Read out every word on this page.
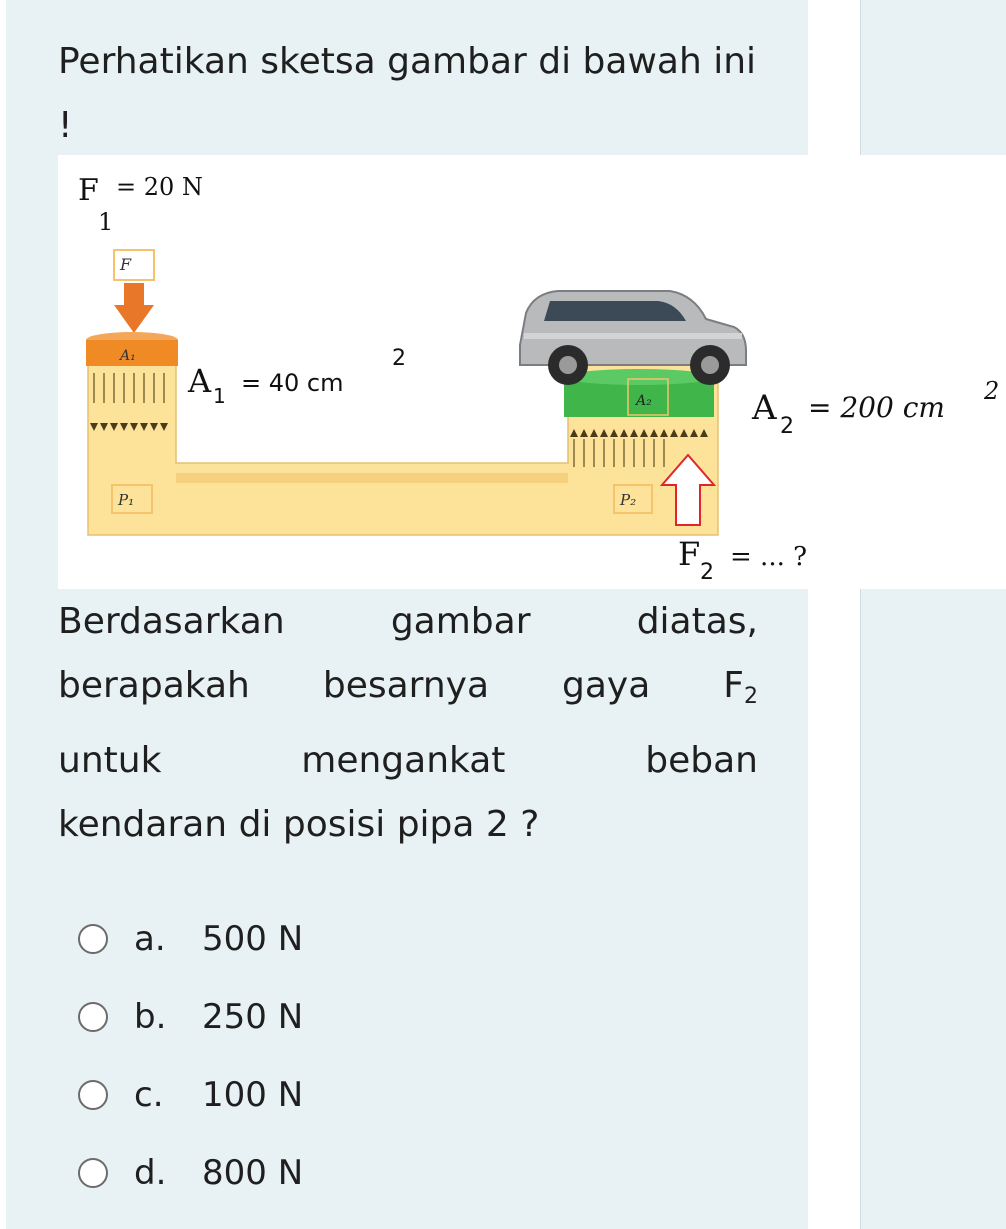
Perhatikan sketsa gambar di bawah ini !

F
1
= 20 N
F
A₁
P₁
A 1 = 40 cm
2
A₂
P₂
A 2
= 200 cm 2
F 2
= ... ?
Berdasarkan gambar diatas,
berapakah besarnya gaya $F_2$
untuk mengankat beban
kendaran di posisi pipa 2 ?
a.	500 N
b.	250 N
c.	100 N
d.	800 N
